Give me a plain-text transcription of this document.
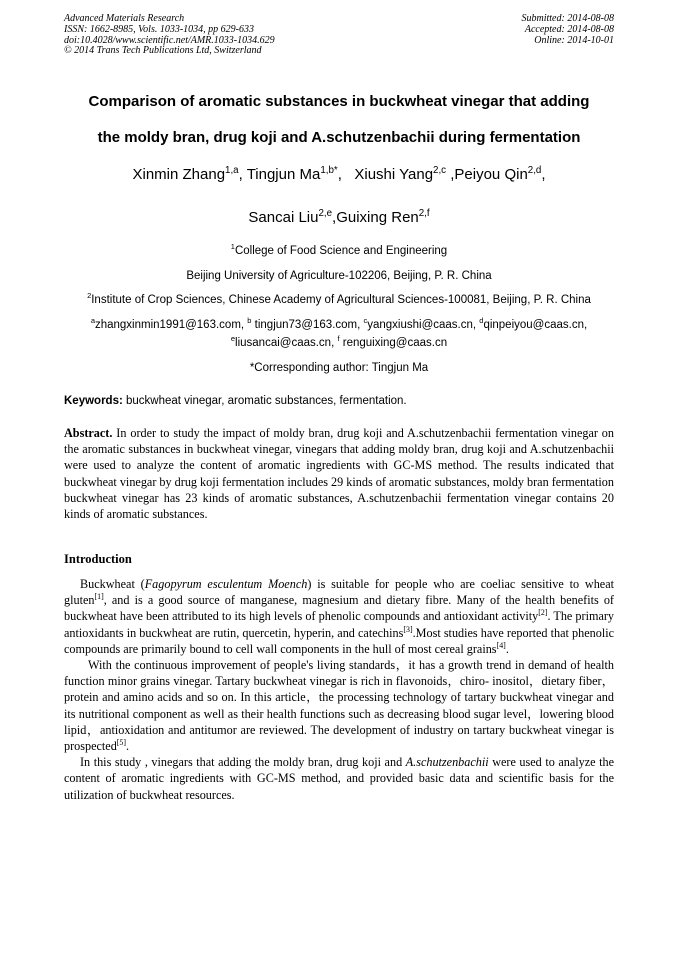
Advanced Materials Research
ISSN: 1662-8985, Vols. 1033-1034, pp 629-633
doi:10.4028/www.scientific.net/AMR.1033-1034.629
© 2014 Trans Tech Publications Ltd, Switzerland
Submitted: 2014-08-08
Accepted: 2014-08-08
Online: 2014-10-01
Comparison of aromatic substances in buckwheat vinegar that adding
the moldy bran, drug koji and A.schutzenbachii during fermentation
Xinmin Zhang$^{1,a}$, Tingjun $Ma^{1,b*}$,   Xiushi Yang$^{2,c}$ ,Peiyou Qin$^{2,d}$,
Sancai Liu$^{2,e}$,Guixing Ren$^{2,f}$
$^1$College of Food Science and Engineering
Beijing University of Agriculture-102206, Beijing, P. R. China
$^2$Institute of Crop Sciences, Chinese Academy of Agricultural Sciences-100081, Beijing, P. R. China
$^a$zhangxinmin1991@163.com, $^b$ tingjun73@163.com, $^c$yangxiushi@caas.cn, $^d$qinpeiyou@caas.cn,
$^e$liusancai@caas.cn, $^f$ renguixing@caas.cn
*Corresponding author: Tingjun Ma
Keywords: buckwheat vinegar, aromatic substances, fermentation.

Abstract. In order to study the impact of moldy bran, drug koji and A.schutzenbachii fermentation vinegar on the aromatic substances in buckwheat vinegar, vinegars that adding moldy bran, drug koji and A.schutzenbachii were used to analyze the content of aromatic ingredients with GC-MS method. The results indicated that buckwheat vinegar by drug koji fermentation includes 29 kinds of aromatic substances, moldy bran fermentation buckwheat vinegar has 23 kinds of aromatic substances, A.schutzenbachii fermentation vinegar contains 20 kinds of aromatic substances.

Introduction

Buckwheat (Fagopyrum esculentum Moench) is suitable for people who are coeliac sensitive to wheat gluten[1], and is a good source of manganese, magnesium and dietary fibre. Many of the health benefits of buckwheat have been attributed to its high levels of phenolic compounds and antioxidant activity[2]. The primary antioxidants in buckwheat are rutin, quercetin, hyperin, and catechins[3].Most studies have reported that phenolic compounds are primarily bound to cell wall components in the hull of most cereal grains[4].

With the continuous improvement of people's living standards，it has a growth trend in demand of health function minor grains vinegar. Tartary buckwheat vinegar is rich in flavonoids，chiro- inositol，dietary fiber，protein and amino acids and so on. In this article，the processing technology of tartary buckwheat vinegar and its nutritional component as well as their health functions such as decreasing blood sugar level，lowering blood lipid，antioxidation and antitumor are reviewed. The development of industry on tartary buckwheat vinegar is prospected[5].

In this study , vinegars that adding the moldy bran, drug koji and A.schutzenbachii were used to analyze the content of aromatic ingredients with GC-MS method, and provided basic data and scientific basis for the utilization of buckwheat resources.
